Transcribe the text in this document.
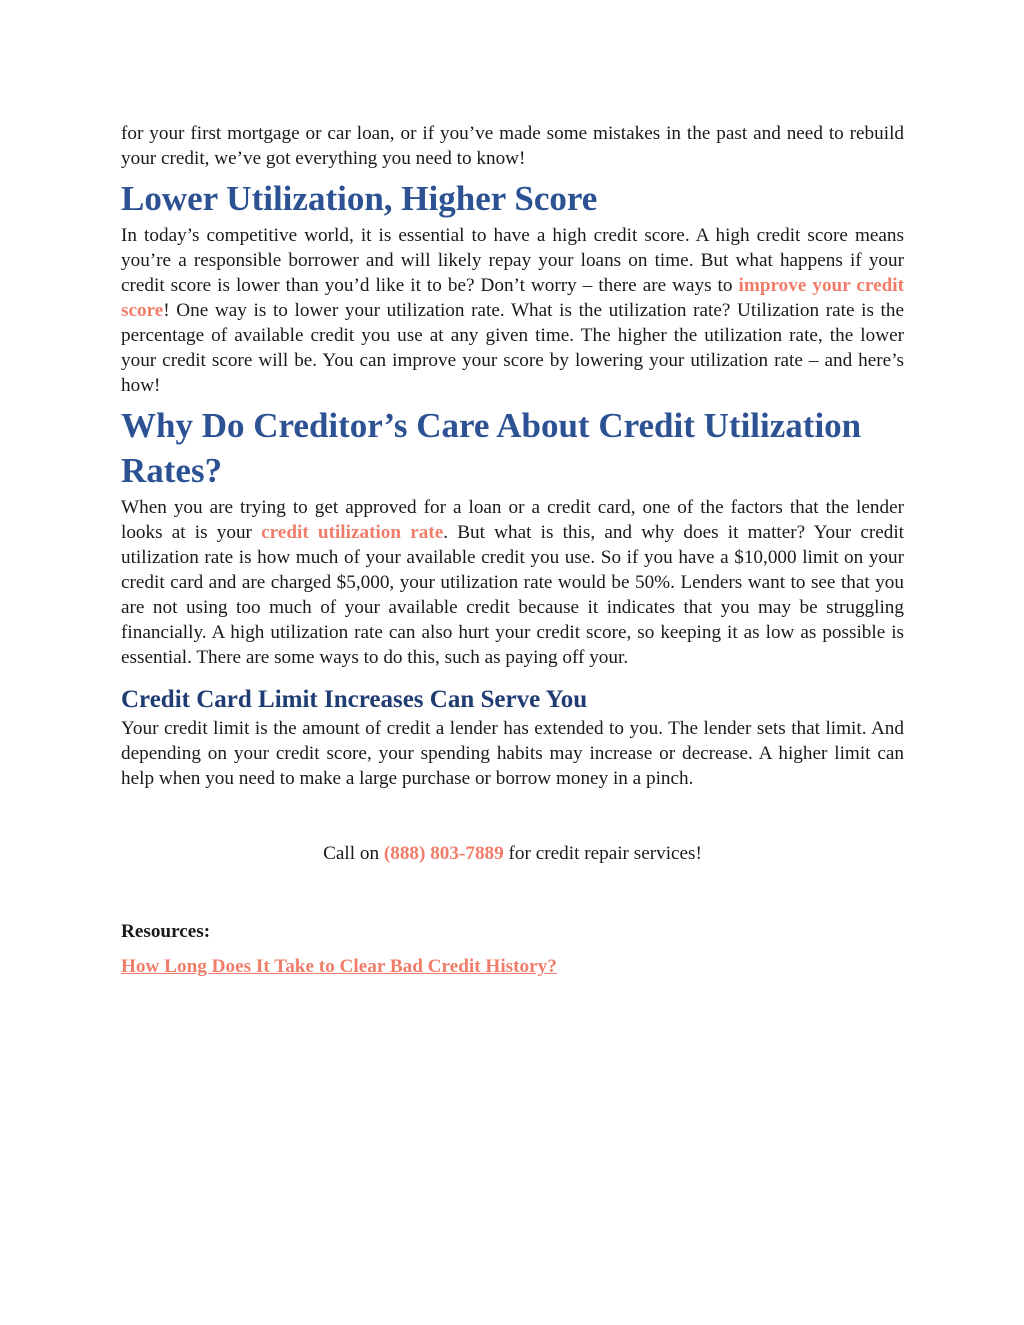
for your first mortgage or car loan, or if you’ve made some mistakes in the past and need to rebuild your credit, we’ve got everything you need to know!

Lower Utilization, Higher Score

In today’s competitive world, it is essential to have a high credit score. A high credit score means you’re a responsible borrower and will likely repay your loans on time. But what happens if your credit score is lower than you’d like it to be? Don’t worry – there are ways to improve your credit score! One way is to lower your utilization rate. What is the utilization rate? Utilization rate is the percentage of available credit you use at any given time. The higher the utilization rate, the lower your credit score will be. You can improve your score by lowering your utilization rate – and here’s how!

Why Do Creditor’s Care About Credit Utilization Rates?

When you are trying to get approved for a loan or a credit card, one of the factors that the lender looks at is your credit utilization rate. But what is this, and why does it matter? Your credit utilization rate is how much of your available credit you use. So if you have a $10,000 limit on your credit card and are charged $5,000, your utilization rate would be 50%. Lenders want to see that you are not using too much of your available credit because it indicates that you may be struggling financially. A high utilization rate can also hurt your credit score, so keeping it as low as possible is essential. There are some ways to do this, such as paying off your.

Credit Card Limit Increases Can Serve You

Your credit limit is the amount of credit a lender has extended to you. The lender sets that limit. And depending on your credit score, your spending habits may increase or decrease. A higher limit can help when you need to make a large purchase or borrow money in a pinch.

Call on (888) 803-7889 for credit repair services!
Resources:
How Long Does It Take to Clear Bad Credit History?
